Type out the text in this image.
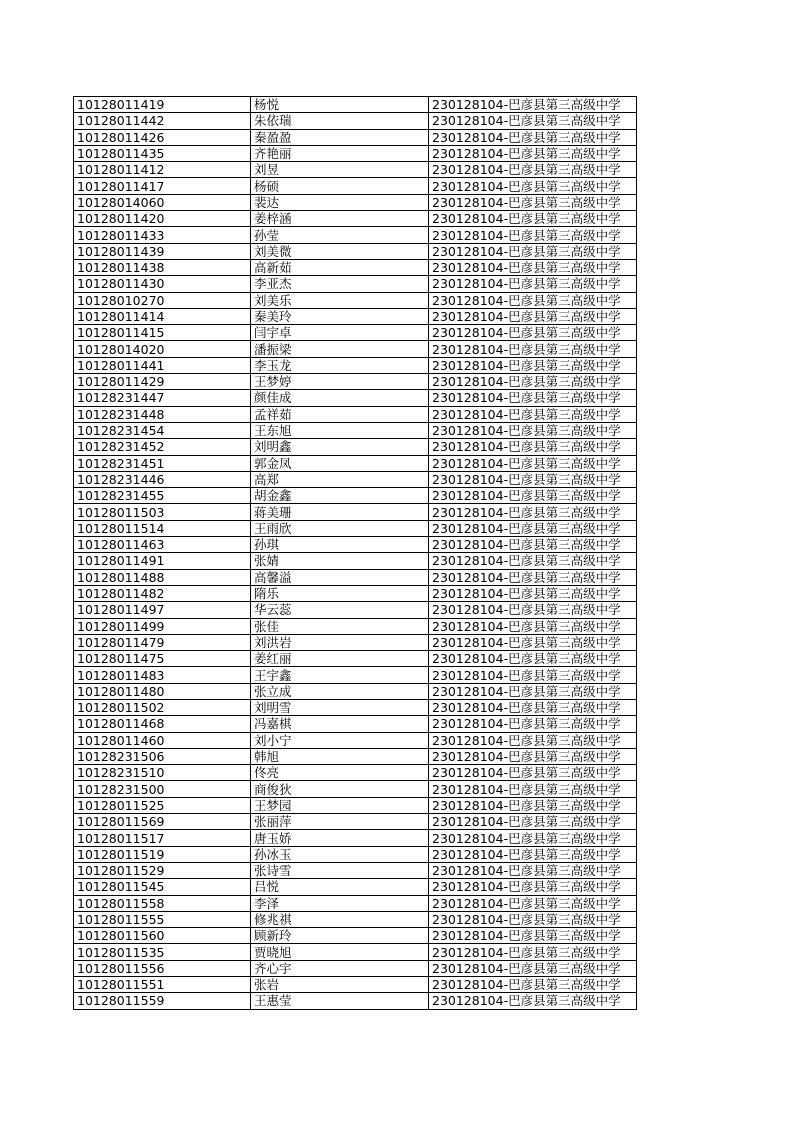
10128011419	杨悦	230128104-巴彦县第三高级中学
10128011442	朱依瑞	230128104-巴彦县第三高级中学
10128011426	秦盈盈	230128104-巴彦县第三高级中学
10128011435	齐艳丽	230128104-巴彦县第三高级中学
10128011412	刘昱	230128104-巴彦县第三高级中学
10128011417	杨硕	230128104-巴彦县第三高级中学
10128014060	裴达	230128104-巴彦县第三高级中学
10128011420	姜梓涵	230128104-巴彦县第三高级中学
10128011433	孙莹	230128104-巴彦县第三高级中学
10128011439	刘美微	230128104-巴彦县第三高级中学
10128011438	高新茹	230128104-巴彦县第三高级中学
10128011430	李亚杰	230128104-巴彦县第三高级中学
10128010270	刘美乐	230128104-巴彦县第三高级中学
10128011414	秦美玲	230128104-巴彦县第三高级中学
10128011415	闫宇卓	230128104-巴彦县第三高级中学
10128014020	潘振梁	230128104-巴彦县第三高级中学
10128011441	李玉龙	230128104-巴彦县第三高级中学
10128011429	王梦婷	230128104-巴彦县第三高级中学
10128231447	颜佳成	230128104-巴彦县第三高级中学
10128231448	孟祥茹	230128104-巴彦县第三高级中学
10128231454	王东旭	230128104-巴彦县第三高级中学
10128231452	刘明鑫	230128104-巴彦县第三高级中学
10128231451	郭金凤	230128104-巴彦县第三高级中学
10128231446	高郑	230128104-巴彦县第三高级中学
10128231455	胡金鑫	230128104-巴彦县第三高级中学
10128011503	蒋美珊	230128104-巴彦县第三高级中学
10128011514	王雨欣	230128104-巴彦县第三高级中学
10128011463	孙琪	230128104-巴彦县第三高级中学
10128011491	张婧	230128104-巴彦县第三高级中学
10128011488	高馨溢	230128104-巴彦县第三高级中学
10128011482	隋乐	230128104-巴彦县第三高级中学
10128011497	华云蕊	230128104-巴彦县第三高级中学
10128011499	张佳	230128104-巴彦县第三高级中学
10128011479	刘洪岩	230128104-巴彦县第三高级中学
10128011475	姜红丽	230128104-巴彦县第三高级中学
10128011483	王宇鑫	230128104-巴彦县第三高级中学
10128011480	张立成	230128104-巴彦县第三高级中学
10128011502	刘明雪	230128104-巴彦县第三高级中学
10128011468	冯嘉棋	230128104-巴彦县第三高级中学
10128011460	刘小宁	230128104-巴彦县第三高级中学
10128231506	韩旭	230128104-巴彦县第三高级中学
10128231510	佟亮	230128104-巴彦县第三高级中学
10128231500	商俊狄	230128104-巴彦县第三高级中学
10128011525	王梦园	230128104-巴彦县第三高级中学
10128011569	张丽萍	230128104-巴彦县第三高级中学
10128011517	唐玉娇	230128104-巴彦县第三高级中学
10128011519	孙冰玉	230128104-巴彦县第三高级中学
10128011529	张诗雪	230128104-巴彦县第三高级中学
10128011545	吕悦	230128104-巴彦县第三高级中学
10128011558	李泽	230128104-巴彦县第三高级中学
10128011555	修兆祺	230128104-巴彦县第三高级中学
10128011560	顾新玲	230128104-巴彦县第三高级中学
10128011535	贾晓旭	230128104-巴彦县第三高级中学
10128011556	齐心宇	230128104-巴彦县第三高级中学
10128011551	张岩	230128104-巴彦县第三高级中学
10128011559	王惠莹	230128104-巴彦县第三高级中学
